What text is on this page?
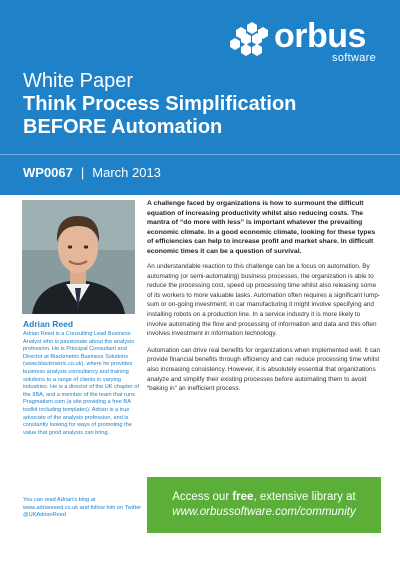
orbus
software
White Paper
Think Process Simplification
BEFORE Automation
WP0067 | March 2013
Adrian Reed
Adrian Reed is a Consulting Lead Business Analyst who is passionate about the analysis profession. He is Principal Consultant and Director at Blackmetric Business Solutions (www.blackmetric.co.uk), where he provides business analysis consultancy and training solutions to a range of clients in varying industries. He is a director of the UK chapter of the IIBA, and a member of the team that runs Pragmatism.com (a site providing a free BA toolkit including templates). Adrian is a true advocate of the analysis profession, and is constantly looking for ways of promoting the value that good analysis can bring.
You can read Adrian's blog at www.adrianreed.co.uk and follow him on Twitter @UKAdrianReed

A challenge faced by organizations is how to surmount the difficult equation of increasing productivity whilst also reducing costs. The mantra of “do more with less” is important whatever the prevailing economic climate. In a good economic climate, looking for these types of efficiencies can help to increase profit and market share. In difficult economic times it can be a question of survival.

An understandable reaction to this challenge can be a focus on automation. By automating (or semi-automating) business processes, the organization is able to reduce the processing cost, speed up processing time whilst also releasing some of its workers to more valuable tasks. Automation often requires a significant lump-sum or on-going investment; in car manufacturing it might involve specifying and installing robots on a production line. In a service industry it is more likely to involve automating the flow and processing of information and data and this often involves investment in information technology.

Automation can drive real benefits for organizations when implemented well. It can provide financial benefits through efficiency and can reduce processing time whilst also increasing consistency. However, it is absolutely essential that organizations analyze and simplify their existing processes before automating them to avoid “baking in” an inefficient process.

Access our free, extensive library at
www.orbussoftware.com/community
